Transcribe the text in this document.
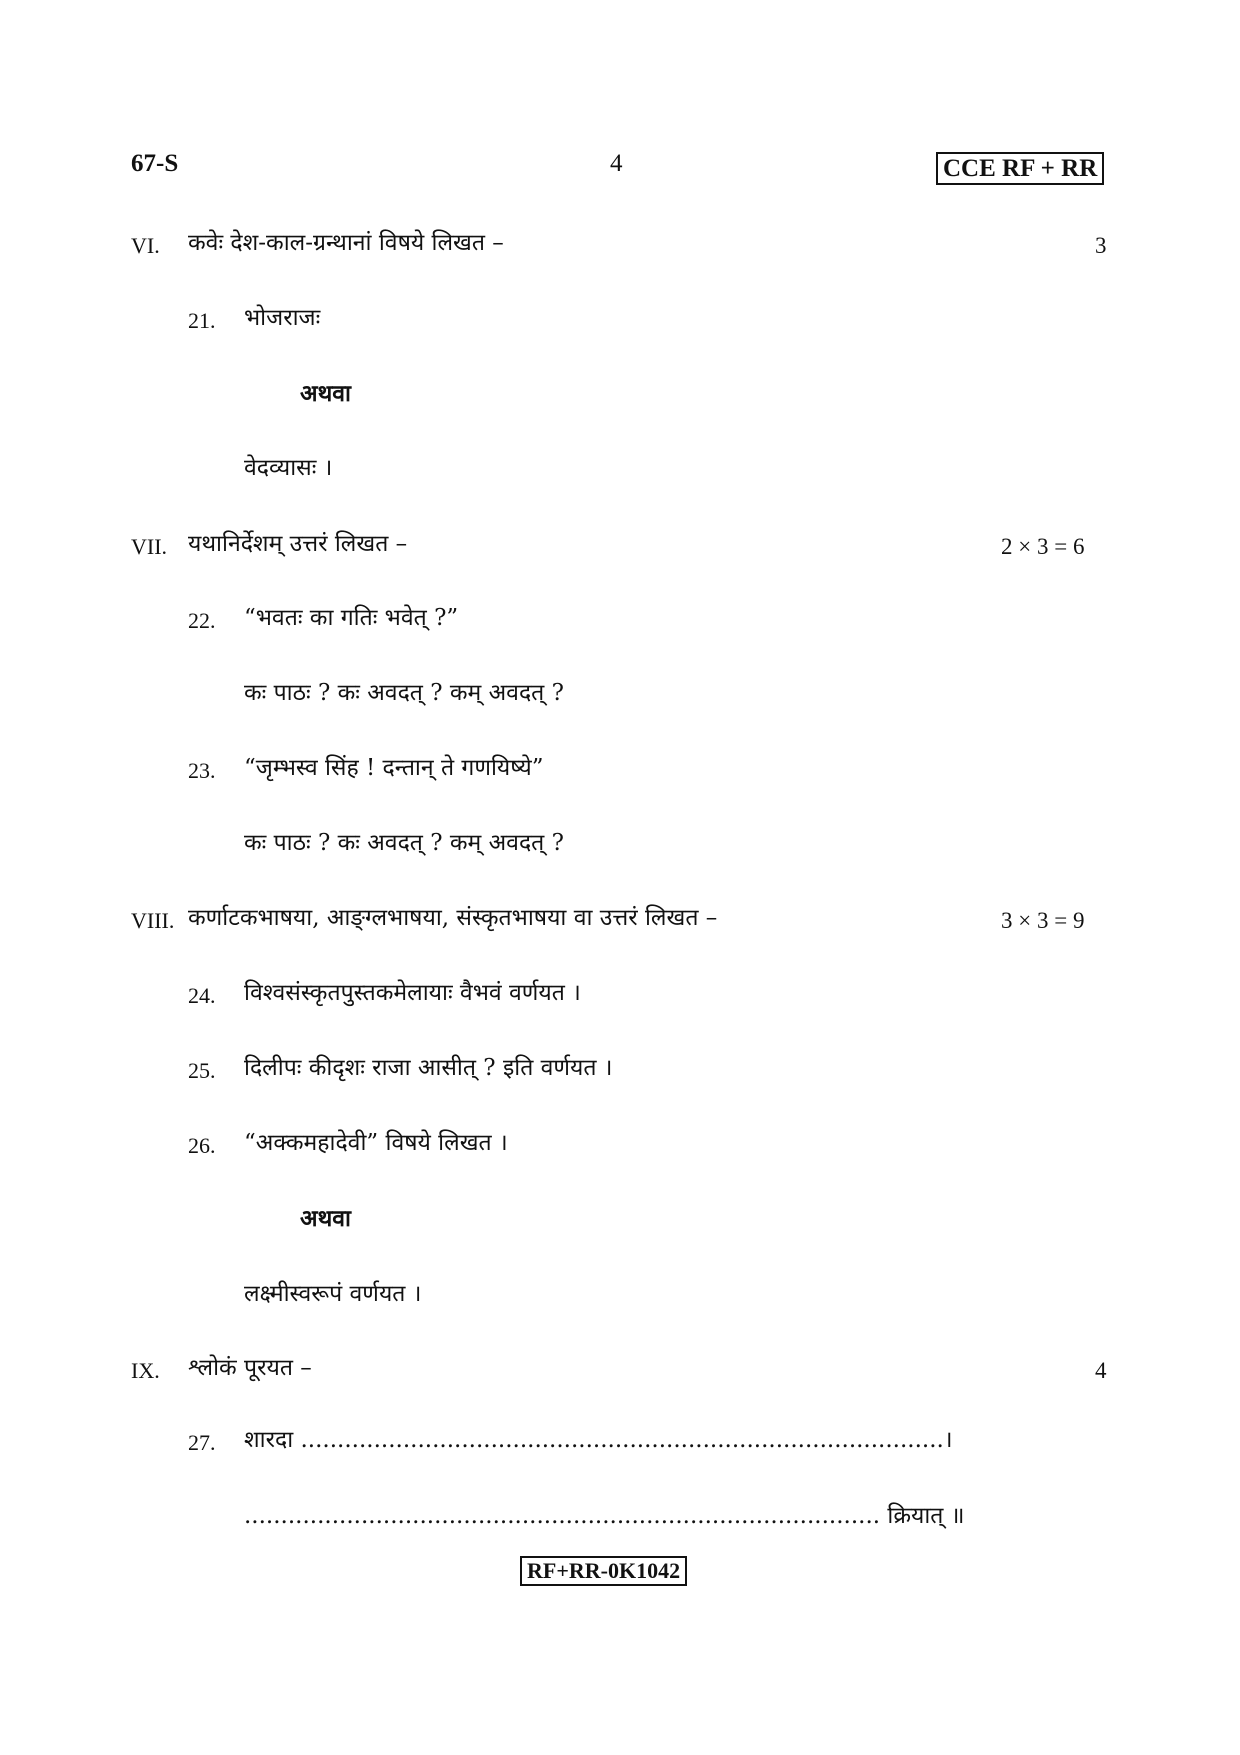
67-S	4	CCE RF + RR
VI. कवेः देश-काल-ग्रन्थानां विषये लिखत –	3
21. भोजराजः
अथवा
वेदव्यासः ।
VII. यथानिर्देशम् उत्तरं लिखत –	2 × 3 = 6
22. “भवतः का गतिः भवेत् ?”
कः पाठः ? कः अवदत् ? कम् अवदत् ?
23. “जृम्भस्व सिंह ! दन्तान् ते गणयिष्ये”
कः पाठः ? कः अवदत् ? कम् अवदत् ?
VIII. कर्णाटकभाषया, आङ्ग्लभाषया, संस्कृतभाषया वा उत्तरं लिखत –	3 × 3 = 9
24. विश्वसंस्कृतपुस्तकमेलायाः वैभवं वर्णयत ।
25. दिलीपः कीदृशः राजा आसीत् ? इति वर्णयत ।
26. “अक्कमहादेवी” विषये लिखत ।
अथवा
लक्ष्मीस्वरूपं वर्णयत ।
IX. श्लोकं पूरयत –	4
27. शारदा ........................................................................................।
....................................................................................... क्रियात् ॥
RF+RR-0K1042
